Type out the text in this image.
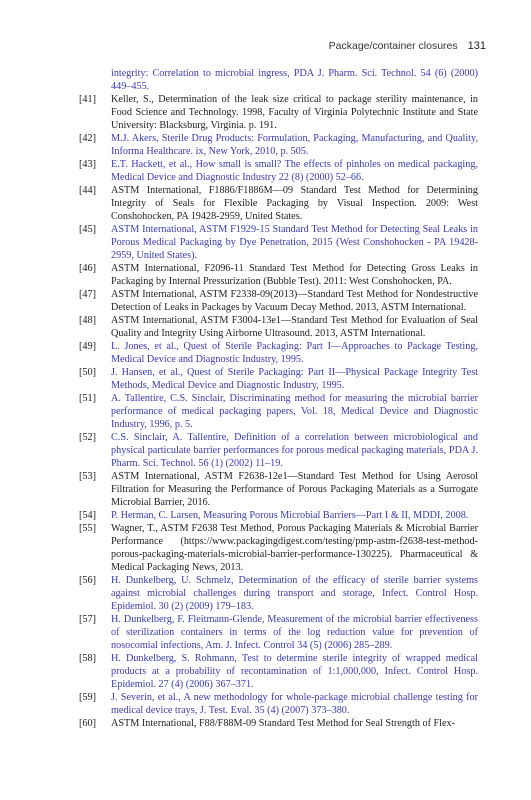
Package/container closures 131
integrity: Correlation to microbial ingress, PDA J. Pharm. Sci. Technol. 54 (6) (2000) 449–455.
[41]	Keller, S., Determination of the leak size critical to package sterility maintenance, in Food Science and Technology. 1998, Faculty of Virginia Polytechnic Institute and State University: Blacksburg, Virginia. p. 191.
[42]	M.J. Akers, Sterile Drug Products: Formulation, Packaging, Manufacturing, and Quality, Informa Healthcare. ix, New York, 2010, p. 505.
[43]	E.T. Hackett, et al., How small is small? The effects of pinholes on medical packaging, Medical Device and Diagnostic Industry 22 (8) (2000) 52–66.
[44]	ASTM International, F1886/F1886M—09 Standard Test Method for Determining Integrity of Seals for Flexible Packaging by Visual Inspection. 2009: West Conshohocken, PA 19428-2959, United States.
[45]	ASTM International, ASTM F1929-15 Standard Test Method for Detecting Seal Leaks in Porous Medical Packaging by Dye Penetration, 2015 (West Conshohocken - PA 19428-2959, United States).
[46]	ASTM International, F2096-11 Standard Test Method for Detecting Gross Leaks in Packaging by Internal Pressurization (Bubble Test). 2011: West Conshohocken, PA.
[47]	ASTM International, ASTM F2338-09(2013)—Standard Test Method for Nondestructive Detection of Leaks in Packages by Vacuum Decay Method. 2013, ASTM International.
[48]	ASTM International, ASTM F3004-13e1—Standard Test Method for Evaluation of Seal Quality and Integrity Using Airborne Ultrasound. 2013, ASTM International.
[49]	L. Jones, et al., Quest of Sterile Packaging: Part I—Approaches to Package Testing, Medical Device and Diagnostic Industry, 1995.
[50]	J. Hansen, et al., Quest of Sterile Packaging: Part II—Physical Package Integrity Test Methods, Medical Device and Diagnostic Industry, 1995.
[51]	A. Tallentire, C.S. Sinclair, Discriminating method for measuring the microbial barrier performance of medical packaging papers, Vol. 18, Medical Device and Diagnostic Industry, 1996, p. 5.
[52]	C.S. Sinclair, A. Tallentire, Definition of a correlation between microbiological and physical particulate barrier performances for porous medical packaging materials, PDA J. Pharm. Sci. Technol. 56 (1) (2002) 11–19.
[53]	ASTM International, ASTM F2638-12e1—Standard Test Method for Using Aerosol Filtration for Measuring the Performance of Porous Packaging Materials as a Surrogate Microbial Barrier, 2016.
[54]	P. Herman, C. Larsen, Measuring Porous Microbial Barriers—Part I & II, MDDI, 2008.
[55]	Wagner, T., ASTM F2638 Test Method, Porous Packaging Materials & Microbial Barrier Performance (https://www.packagingdigest.com/testing/pmp-astm-f2638-test-method-porous-packaging-materials-microbial-barrier-performance-130225). Pharmaceutical & Medical Packaging News, 2013.
[56]	H. Dunkelberg, U. Schmelz, Determination of the efficacy of sterile barrier systems against microbial challenges during transport and storage, Infect. Control Hosp. Epidemiol. 30 (2) (2009) 179–183.
[57]	H. Dunkelberg, F. Fleitmann-Glende, Measurement of the microbial barrier effectiveness of sterilization containers in terms of the log reduction value for prevention of nosocomial infections, Am. J. Infect. Control 34 (5) (2006) 285–289.
[58]	H. Dunkelberg, S. Rohmann, Test to determine sterile integrity of wrapped medical products at a probability of recontamination of 1:1,000,000, Infect. Control Hosp. Epidemiol. 27 (4) (2006) 367–371.
[59]	J. Severin, et al., A new methodology for whole-package microbial challenge testing for medical device trays, J. Test. Eval. 35 (4) (2007) 373–380.
[60]	ASTM International, F88/F88M-09 Standard Test Method for Seal Strength of Flex-
